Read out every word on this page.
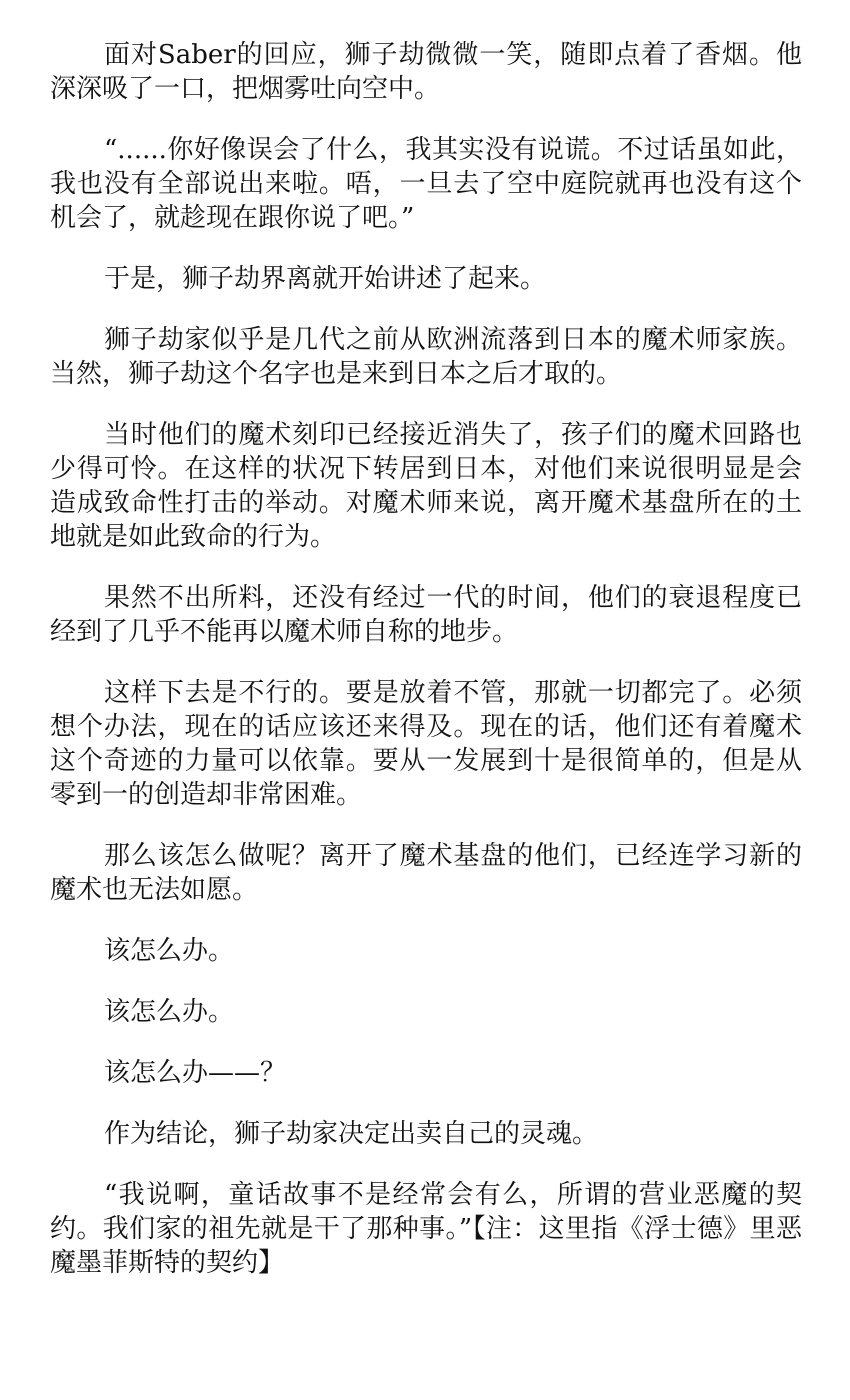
面对Saber的回应，狮子劫微微一笑，随即点着了香烟。他深深吸了一口，把烟雾吐向空中。

“......你好像误会了什么，我其实没有说谎。不过话虽如此，我也没有全部说出来啦。唔，一旦去了空中庭院就再也没有这个机会了，就趁现在跟你说了吧。”

于是，狮子劫界离就开始讲述了起来。

狮子劫家似乎是几代之前从欧洲流落到日本的魔术师家族。当然，狮子劫这个名字也是来到日本之后才取的。

当时他们的魔术刻印已经接近消失了，孩子们的魔术回路也少得可怜。在这样的状况下转居到日本，对他们来说很明显是会造成致命性打击的举动。对魔术师来说，离开魔术基盘所在的土地就是如此致命的行为。

果然不出所料，还没有经过一代的时间，他们的衰退程度已经到了几乎不能再以魔术师自称的地步。

这样下去是不行的。要是放着不管，那就一切都完了。必须想个办法，现在的话应该还来得及。现在的话，他们还有着魔术这个奇迹的力量可以依靠。要从一发展到十是很简单的，但是从零到一的创造却非常困难。

那么该怎么做呢？离开了魔术基盘的他们，已经连学习新的魔术也无法如愿。

该怎么办。

该怎么办。

该怎么办——？

作为结论，狮子劫家决定出卖自己的灵魂。

“我说啊，童话故事不是经常会有么，所谓的营业恶魔的契约。我们家的祖先就是干了那种事。”【注：这里指《浮士德》里恶魔墨菲斯特的契约】
